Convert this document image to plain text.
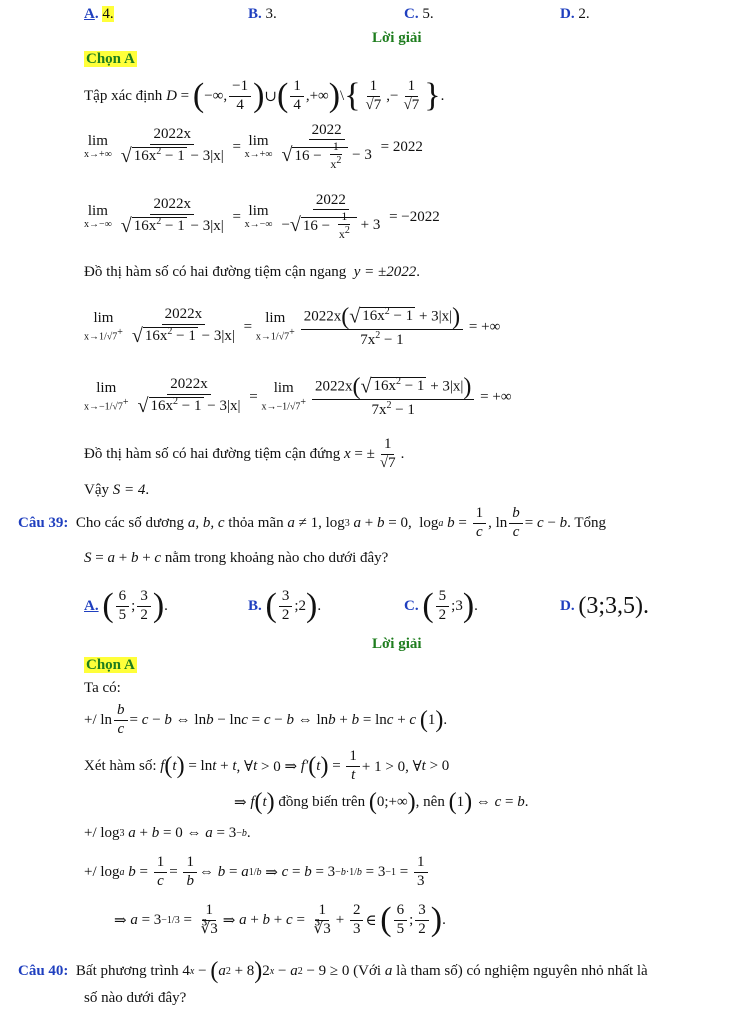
A. 4.	B. 3.	C. 5.	D. 2.
Lời giải
Chọn A
Tập xác định
D = ( −∞, $\frac{-1}{4}$ ) ∪ ( $\frac{1}{4}$ ,+∞ ) \ { $\frac{1}{√7}$ ,− $\frac{1}{√7}$ } .
lim
$x\to+\infty \frac{2022x}{√ 16x^2 - 1 - 3|x|} = \lim$
$x\to+\infty \frac{2022}{√ 16 - \frac{1}{x^2} - 3}$
= 2022
lim
$x\to-\infty \frac{2022x}{√ 16x^2 - 1 - 3|x|} = \lim$
$x\to-\infty \frac{2022}{-√ 16 - \frac{1}{x^2} + 3}$
= −2022
Đồ thị hàm số có hai đường tiệm cận ngang y = ±2022.
lim
$x\to 1/√7^+ \frac{2022x}{√ 16x^2 - 1 - 3|x|}$ =
lim
$x\to 1/√7^+ \frac{2022x(√ 16x^2 - 1 + 3|x|)}{7x^2 - 1}$
= +∞
lim
$x\to-1/√7^+ \frac{2022x}{√ 16x^2 - 1 - 3|x|}$ =
lim
$x\to-1/√7^+ \frac{2022x(√ 16x^2 - 1 + 3|x|)}{7x^2 - 1}$
= +∞
Đồ thị hàm số có hai đường tiệm cận đứng
x = ± $\frac{1}{√7}$ .
Vậy S = 4.
Câu 39:
Cho các số dương
a, b, c
thỏa mãn
a ≠ 1, log 3
a + b = 0,  log a
$b = \frac{1}{c}$ , $\ln \frac{b}{c} = c - b$ . Tổng
S = a + b + c nằm trong khoảng nào cho dưới đây?
A.
( $\frac{6}{5}$ ; $\frac{3}{2}$ ) .	B.
( $\frac{3}{2}$ ;2 ) .	C.
( $\frac{5}{2}$ ;3 ) .	D.
(3;3,5).
Lời giải
Chọn A
Ta có:
+/ $\ln \frac{b}{c} = c - b$ ⇔ ln b − ln c = c − b ⇔ ln b + b = ln c + c
( 1 ) .
Xét hàm số:
f ( t ) = ln t + t , ∀ t > 0 ⇒ f′ ( t ) = $\frac{1}{t} + 1 > 0$, ∀ t > 0
⇒ f ( t )
đồng biến trên
( 0;+∞ ) , nên
( 1 ) ⇔ c = b .
+/ log 3
a + b = 0 ⇔ a = 3 −b .
+/ log a
$b = \frac{1}{c} = \frac{1}{b}$ ⇔ b = a 1/b ⇒ $c = b = 3 -b\cdot 1/b = 3 -1 = \frac{1}{3}$
⇒ $a = 3 -1/3 = \frac{1}{∛3}$ ⇒ $a + b + c = \frac{1}{∛3} + \frac{2}{3}$ ∈ ( $\frac{6}{5}$ ; $\frac{3}{2}$ ) .
Câu 40:
Bất phương trình 4 x − ( a 2 + 8 ) 2 x − a 2 − 9 ≥ 0 (Với
a
là tham số) có nghiệm nguyên nhỏ nhất là
số nào dưới đây?
